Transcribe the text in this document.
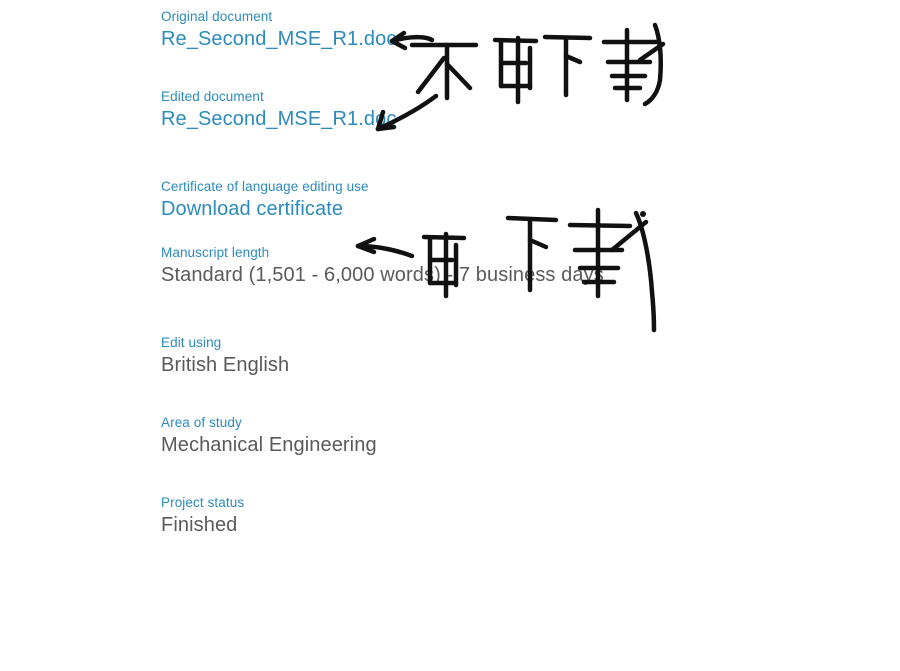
Original document
Re_Second_MSE_R1.doc
Edited document
Re_Second_MSE_R1.doc
Certificate of language editing use
Download certificate
Manuscript length
Standard (1,501 - 6,000 words) - 7 business days
Edit using
British English
Area of study
Mechanical Engineering
Project status
Finished
